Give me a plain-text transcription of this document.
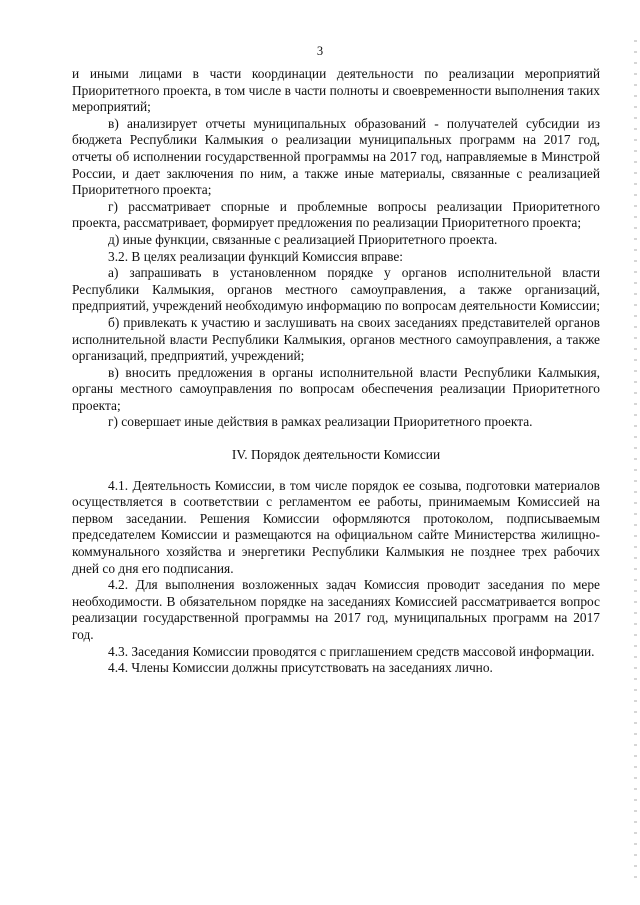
3

и иными лицами в части координации деятельности по реализации мероприятий Приоритетного проекта, в том числе в части полноты и своевременности выполнения таких мероприятий;

в) анализирует отчеты муниципальных образований - получателей субсидии из бюджета Республики Калмыкия о реализации муниципальных программ на 2017 год, отчеты об исполнении государственной программы на 2017 год, направляемые в Минстрой России, и дает заключения по ним, а также иные материалы, связанные с реализацией Приоритетного проекта;

г) рассматривает спорные и проблемные вопросы реализации Приоритетного проекта, рассматривает, формирует предложения по реализации Приоритетного проекта;

д) иные функции, связанные с реализацией Приоритетного проекта.

3.2. В целях реализации функций Комиссия вправе:

а) запрашивать в установленном порядке у органов исполнительной власти Республики Калмыкия, органов местного самоуправления, а также организаций, предприятий, учреждений необходимую информацию по вопросам деятельности Комиссии;

б) привлекать к участию и заслушивать на своих заседаниях представителей органов исполнительной власти Республики Калмыкия, органов местного самоуправления, а также организаций, предприятий, учреждений;

в) вносить предложения в органы исполнительной власти Республики Калмыкия, органы местного самоуправления по вопросам обеспечения реализации Приоритетного проекта;

г) совершает иные действия в рамках реализации Приоритетного проекта.

IV. Порядок деятельности Комиссии

4.1. Деятельность Комиссии, в том числе порядок ее созыва, подготовки материалов осуществляется в соответствии с регламентом ее работы, принимаемым Комиссией на первом заседании. Решения Комиссии оформляются протоколом, подписываемым председателем Комиссии и размещаются на официальном сайте Министерства жилищно-коммунального хозяйства и энергетики Республики Калмыкия не позднее трех рабочих дней со дня его подписания.

4.2. Для выполнения возложенных задач Комиссия проводит заседания по мере необходимости. В обязательном порядке на заседаниях Комиссией рассматривается вопрос реализации государственной программы на 2017 год, муниципальных программ на 2017 год.

4.3. Заседания Комиссии проводятся с приглашением средств массовой информации.

4.4. Члены Комиссии должны присутствовать на заседаниях лично.
